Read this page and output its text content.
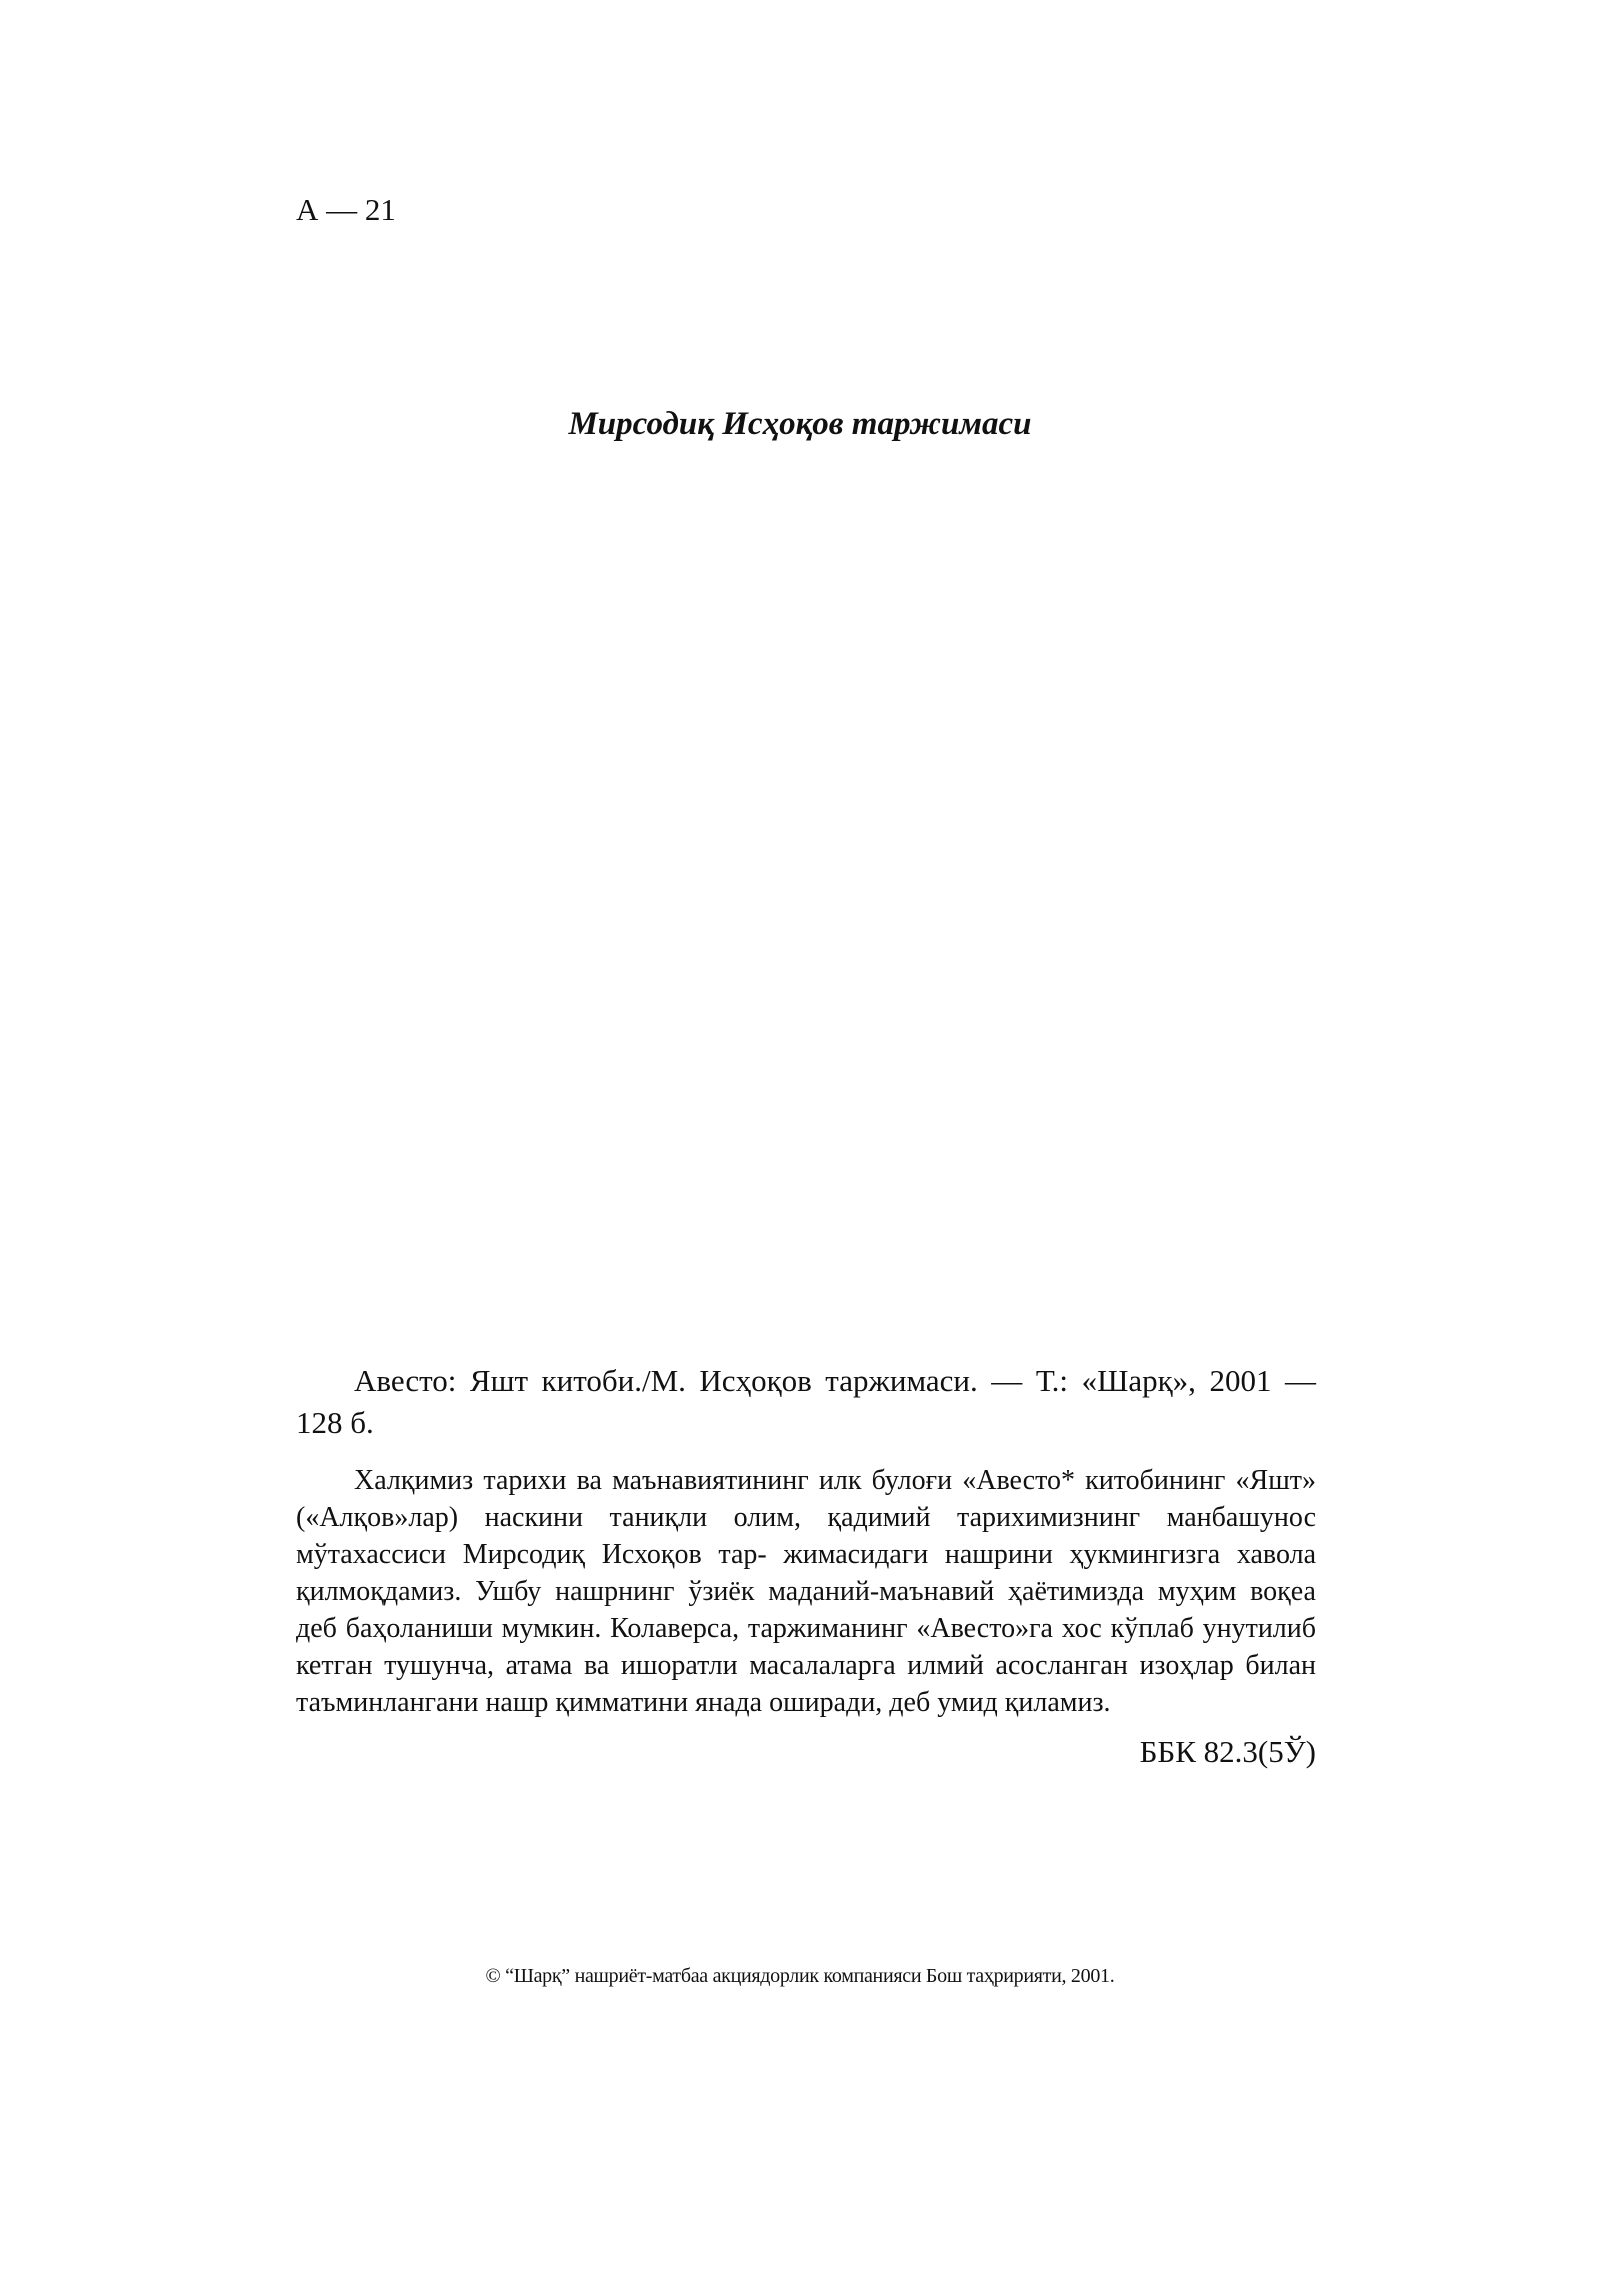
А — 21

Мирсодиқ Исҳоқов таржимаси

Авесто: Яшт китоби./М. Исҳоқов таржимаси. — Т.: «Шарқ», 2001 — 128 б.

Халқимиз тарихи ва маънавиятининг илк булоғи «Авесто* китобининг «Яшт» («Алқов»лар) наскини таниқли олим, қадимий тарихимизнинг манбашунос мўтахассиси Мирсодиқ Исхоқов тар- жимасидаги нашрини ҳукмингизга хавола қилмоқдамиз. Ушбу нашрнинг ўзиёк маданий-маънавий ҳаётимизда муҳим воқеа деб баҳоланиши мумкин. Колаверса, таржиманинг «Авесто»га хос кўплаб унутилиб кетган тушунча, атама ва ишоратли масалаларга илмий асосланган изоҳлар билан таъминлангани нашр қимматини янада оширади, деб умид қиламиз.

ББК 82.3(5Ў)

© “Шарқ” нашриёт-матбаа акциядорлик компанияси Бош таҳририяти, 2001.
